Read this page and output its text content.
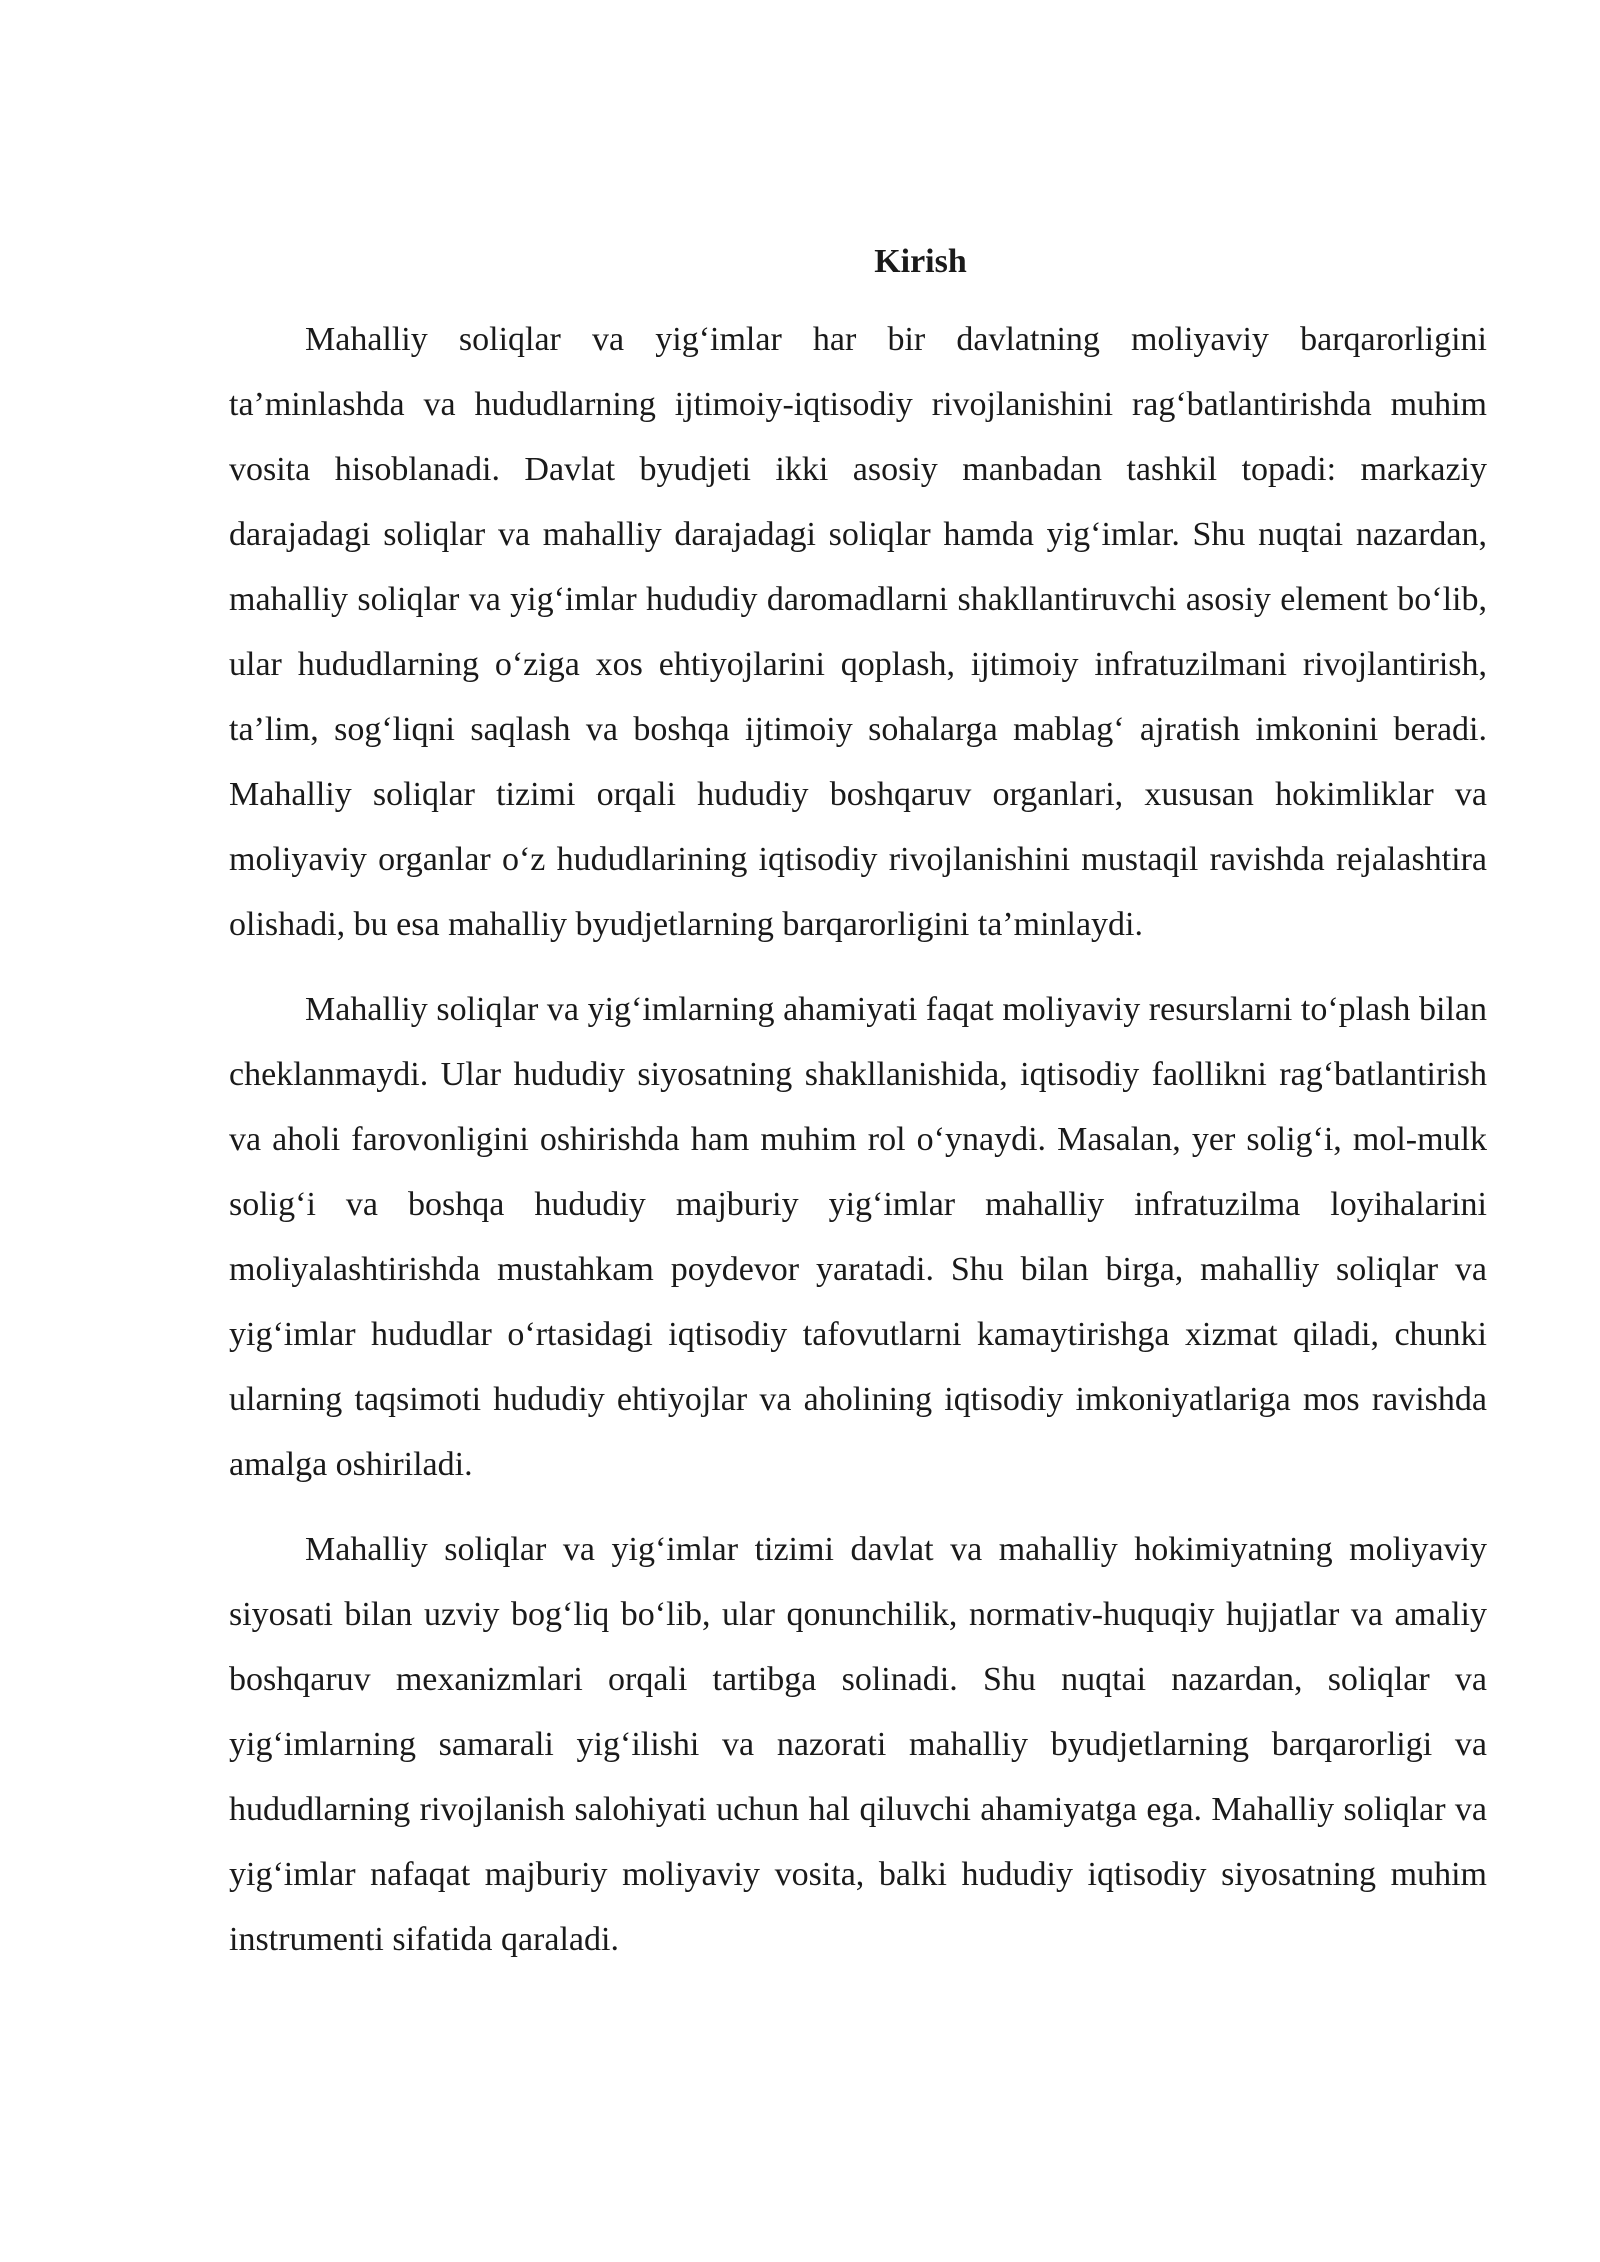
Kirish

Mahalliy soliqlar va yig‘imlar har bir davlatning moliyaviy barqarorligini ta’minlashda va hududlarning ijtimoiy-iqtisodiy rivojlanishini rag‘batlantirishda muhim vosita hisoblanadi. Davlat byudjeti ikki asosiy manbadan tashkil topadi: markaziy darajadagi soliqlar va mahalliy darajadagi soliqlar hamda yig‘imlar. Shu nuqtai nazardan, mahalliy soliqlar va yig‘imlar hududiy daromadlarni shakllantiruvchi asosiy element bo‘lib, ular hududlarning o‘ziga xos ehtiyojlarini qoplash, ijtimoiy infratuzilmani rivojlantirish, ta’lim, sog‘liqni saqlash va boshqa ijtimoiy sohalarga mablag‘ ajratish imkonini beradi. Mahalliy soliqlar tizimi orqali hududiy boshqaruv organlari, xususan hokimliklar va moliyaviy organlar o‘z hududlarining iqtisodiy rivojlanishini mustaqil ravishda rejalashtira olishadi, bu esa mahalliy byudjetlarning barqarorligini ta’minlaydi.

Mahalliy soliqlar va yig‘imlarning ahamiyati faqat moliyaviy resurslarni to‘plash bilan cheklanmaydi. Ular hududiy siyosatning shakllanishida, iqtisodiy faollikni rag‘batlantirish va aholi farovonligini oshirishda ham muhim rol o‘ynaydi. Masalan, yer solig‘i, mol-mulk solig‘i va boshqa hududiy majburiy yig‘imlar mahalliy infratuzilma loyihalarini moliyalashtirishda mustahkam poydevor yaratadi. Shu bilan birga, mahalliy soliqlar va yig‘imlar hududlar o‘rtasidagi iqtisodiy tafovutlarni kamaytirishga xizmat qiladi, chunki ularning taqsimoti hududiy ehtiyojlar va aholining iqtisodiy imkoniyatlariga mos ravishda amalga oshiriladi.

Mahalliy soliqlar va yig‘imlar tizimi davlat va mahalliy hokimiyatning moliyaviy siyosati bilan uzviy bog‘liq bo‘lib, ular qonunchilik, normativ-huquqiy hujjatlar va amaliy boshqaruv mexanizmlari orqali tartibga solinadi. Shu nuqtai nazardan, soliqlar va yig‘imlarning samarali yig‘ilishi va nazorati mahalliy byudjetlarning barqarorligi va hududlarning rivojlanish salohiyati uchun hal qiluvchi ahamiyatga ega. Mahalliy soliqlar va yig‘imlar nafaqat majburiy moliyaviy vosita, balki hududiy iqtisodiy siyosatning muhim instrumenti sifatida qaraladi.
